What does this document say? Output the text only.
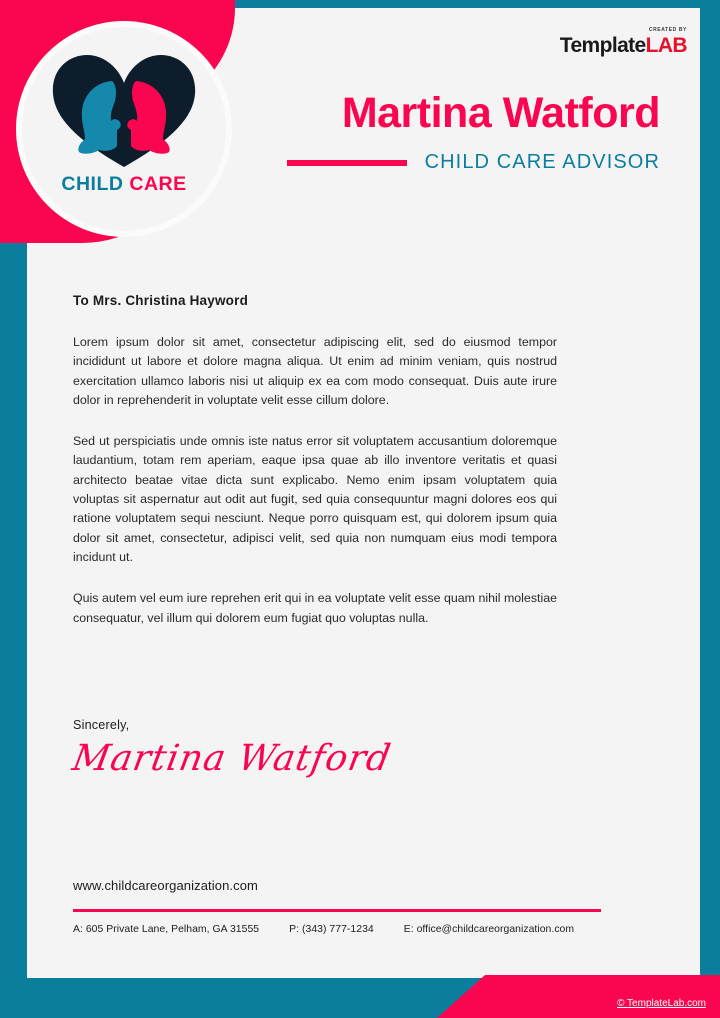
CHILD CARE
CREATED BY
TemplateLAB
Martina Watford
CHILD CARE ADVISOR
To Mrs. Christina Hayword

Lorem ipsum dolor sit amet, consectetur adipiscing elit, sed do eiusmod tempor incididunt ut labore et dolore magna aliqua. Ut enim ad minim veniam, quis nostrud exercitation ullamco laboris nisi ut aliquip ex ea com modo consequat. Duis aute irure dolor in reprehenderit in voluptate velit esse cillum dolore.

Sed ut perspiciatis unde omnis iste natus error sit voluptatem accusantium doloremque laudantium, totam rem aperiam, eaque ipsa quae ab illo inventore veritatis et quasi architecto beatae vitae dicta sunt explicabo. Nemo enim ipsam voluptatem quia voluptas sit aspernatur aut odit aut fugit, sed quia consequuntur magni dolores eos qui ratione voluptatem sequi nesciunt. Neque porro quisquam est, qui dolorem ipsum quia dolor sit amet, consectetur, adipisci velit, sed quia non numquam eius modi tempora incidunt ut.

Quis autem vel eum iure reprehen erit qui in ea voluptate velit esse quam nihil molestiae consequatur, vel illum qui dolorem eum fugiat quo voluptas nulla.

Sincerely,
Martina Watford
www.childcareorganization.com
A: 605 Private Lane, Pelham, GA 31555	P: (343) 777-1234	E: office@childcareorganization.com
© TemplateLab.com
